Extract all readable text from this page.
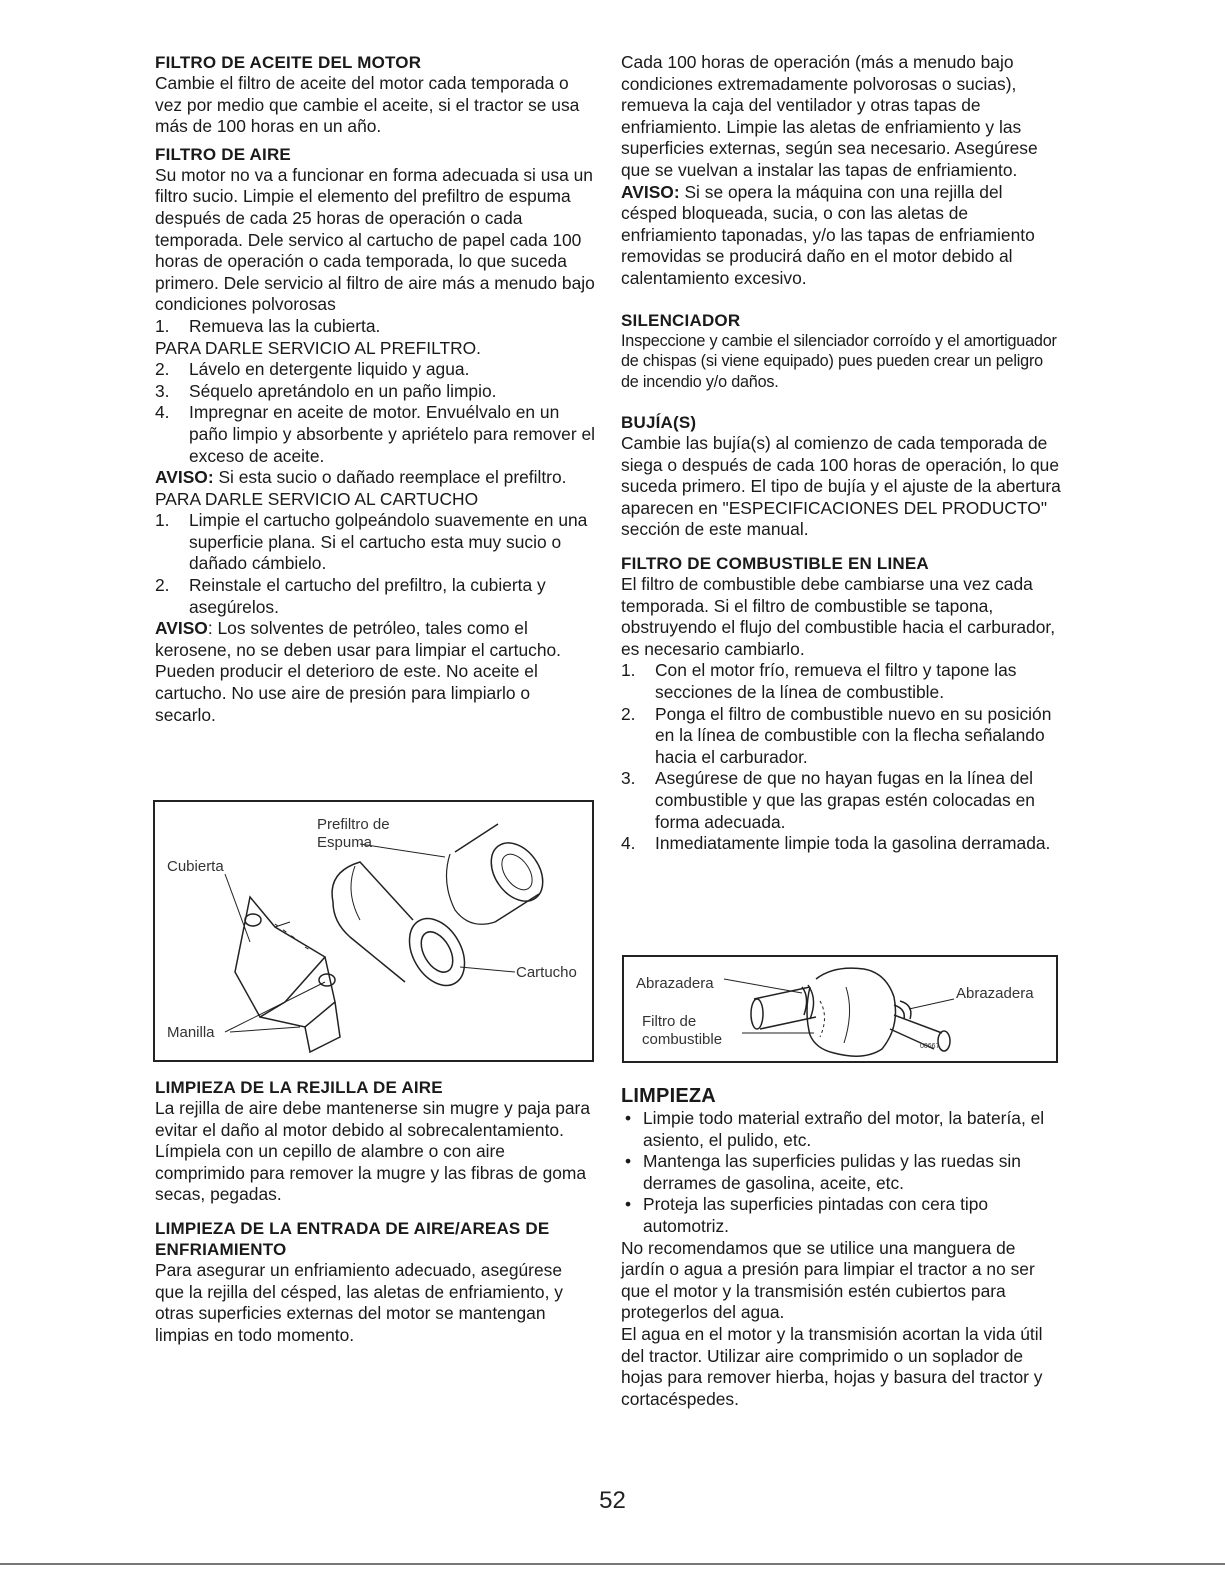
FILTRO DE ACEITE DEL MOTOR

Cambie el filtro de aceite del motor cada temporada o vez por medio que cambie el aceite, si el tractor se usa más de 100 horas en un año.

FILTRO DE AIRE

Su motor no va a funcionar en forma adecuada si usa un filtro sucio. Limpie el elemento del prefiltro de espuma después de cada 25 horas de operación o cada temporada. Dele servico al cartucho de papel cada 100 horas de operación o cada temporada, lo que suceda primero. Dele servicio al filtro de aire más a menudo bajo condiciones polvorosas

1.	Remueva las la cubierta.

PARA DARLE SERVICIO AL PREFILTRO.

2.	Lávelo en detergente liquido y agua.
3.	Séquelo apretándolo en un paño limpio.
4.	Impregnar en aceite de motor. Envuélvalo en un paño limpio y absorbente y apriételo para remover el exceso de aceite.

AVISO: Si esta sucio o dañado reemplace el prefiltro.

PARA DARLE SERVICIO AL CARTUCHO

1.	Limpie el cartucho golpeándolo suavemente en una superficie plana. Si el cartucho esta muy sucio o dañado cámbielo.
2.	Reinstale el cartucho del prefiltro, la cubierta y asegúrelos.

AVISO: Los solventes de petróleo, tales como el kerosene, no se deben usar para limpiar el cartucho. Pueden producir el deterioro de este. No aceite el cartucho. No use aire de presión para limpiarlo o secarlo.

Prefiltro de Espuma
Cubierta
Cartucho
Manilla

LIMPIEZA DE LA REJILLA DE AIRE

La rejilla de aire debe mantenerse sin mugre y paja para evitar el daño al motor debido al sobrecalentamiento. Límpiela con un cepillo de alambre o con aire comprimido para remover la mugre y las fibras de goma secas, pegadas.

LIMPIEZA DE LA ENTRADA DE AIRE/AREAS DE ENFRIAMIENTO

Para asegurar un enfriamiento adecuado, asegúrese que la rejilla del césped, las aletas de enfriamiento, y otras superficies externas del motor se mantengan limpias en todo momento.

Cada 100 horas de operación (más a menudo bajo condiciones extremadamente polvorosas o sucias), remueva la caja del ventilador y otras tapas de enfriamiento. Limpie las aletas de enfriamiento y las superficies externas, según sea necesario. Asegúrese que se vuelvan a instalar las tapas de enfriamiento.

AVISO: Si se opera la máquina con una rejilla del césped bloqueada, sucia, o con las aletas de enfriamiento taponadas, y/o las tapas de enfriamiento removidas se producirá daño en el motor debido al calentamiento excesivo.

SILENCIADOR

Inspeccione y cambie el silenciador corroído y el amortiguador de chispas (si viene equipado) pues pueden crear un peligro de incendio y/o daños.

BUJÍA(S)

Cambie las bujía(s) al comienzo de cada temporada de siega o después de cada 100 horas de operación, lo que suceda primero. El tipo de bujía y el ajuste de la abertura aparecen en "ESPECIFICACIONES DEL PRODUCTO" sección de este manual.

FILTRO DE COMBUSTIBLE EN LINEA

El filtro de combustible debe cambiarse una vez cada temporada. Si el filtro de combustible se tapona, obstruyendo el flujo del combustible hacia el carburador, es necesario cambiarlo.

1.	Con el motor frío, remueva el filtro y tapone las secciones de la línea de combustible.
2.	Ponga el filtro de combustible nuevo en su posición en la línea de combustible con la flecha señalando hacia el carburador.
3.	Asegúrese de que no hayan fugas en la línea del combustible y que las grapas estén colocadas en forma adecuada.
4.	Inmediatamente limpie toda la gasolina derramada.
Abrazadera
Abrazadera
Filtro de combustible	00667

LIMPIEZA

• Limpie todo material extraño del motor, la batería, el asiento, el pulido, etc.
• Mantenga las superficies pulidas y las ruedas sin derrames de gasolina, aceite, etc.
• Proteja las superficies pintadas con cera tipo automotriz.

No recomendamos que se utilice una manguera de jardín o agua a presión para limpiar el tractor a no ser que el motor y la transmisión estén cubiertos para protegerlos del agua.

El agua en el motor y la transmisión acortan la vida útil del tractor. Utilizar aire comprimido o un soplador de hojas para remover hierba, hojas y basura del tractor y cortacéspedes.

52
